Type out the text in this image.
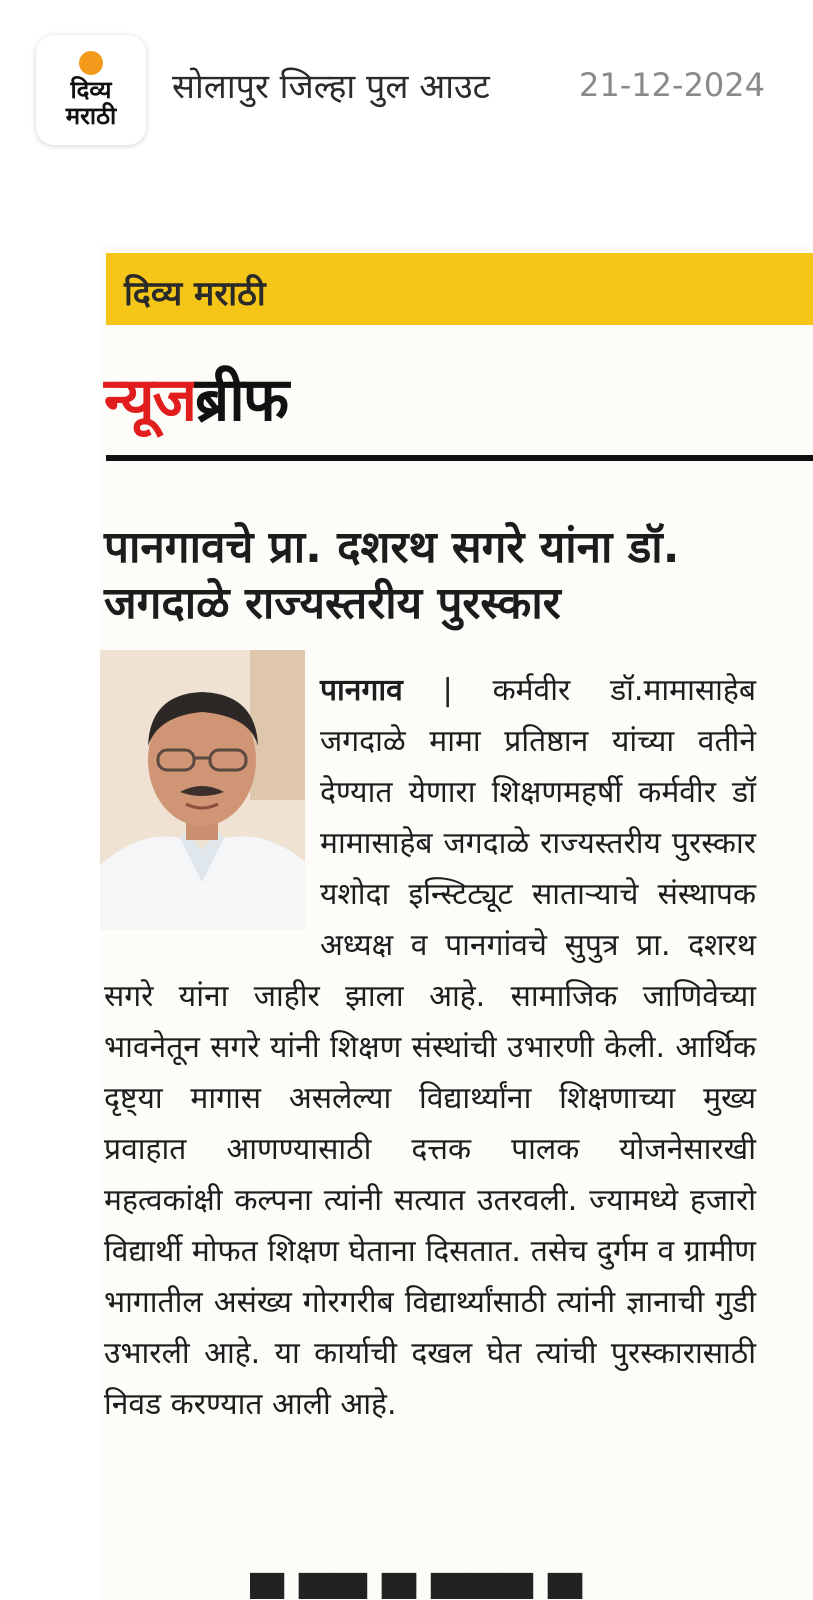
दिव्य
मराठी
सोलापुर जिल्हा पुल आउट	21-12-2024
दिव्य मराठी
न्यूजब्रीफ
पानगावचे प्रा. दशरथ सगरे यांना डॉ. जगदाळे राज्यस्तरीय पुरस्कार
पानगाव | कर्मवीर डॉ.मामासाहेब जगदाळे मामा प्रतिष्ठान यांच्या वतीने देण्यात येणारा शिक्षणमहर्षी कर्मवीर डॉ मामासाहेब जगदाळे राज्यस्तरीय पुरस्कार यशोदा इन्स्टिट्यूट साताऱ्याचे संस्थापक अध्यक्ष व पानगांवचे सुपुत्र प्रा. दशरथ सगरे यांना जाहीर झाला आहे. सामाजिक जाणिवेच्या भावनेतून सगरे यांनी शिक्षण संस्थांची उभारणी केली. आर्थिक दृष्ट्या मागास असलेल्या विद्यार्थ्यांना शिक्षणाच्या मुख्य प्रवाहात आणण्यासाठी दत्तक पालक योजनेसारखी महत्वकांक्षी कल्पना त्यांनी सत्यात उतरवली. ज्यामध्ये हजारो विद्यार्थी मोफत शिक्षण घेताना दिसतात. तसेच दुर्गम व ग्रामीण भागातील असंख्य गोरगरीब विद्यार्थ्यांसाठी त्यांनी ज्ञानाची गुडी उभारली आहे. या कार्याची दखल घेत त्यांची पुरस्कारासाठी निवड करण्यात आली आहे.
▀ ▀▀ ▀ ▀▀▀ ▀
